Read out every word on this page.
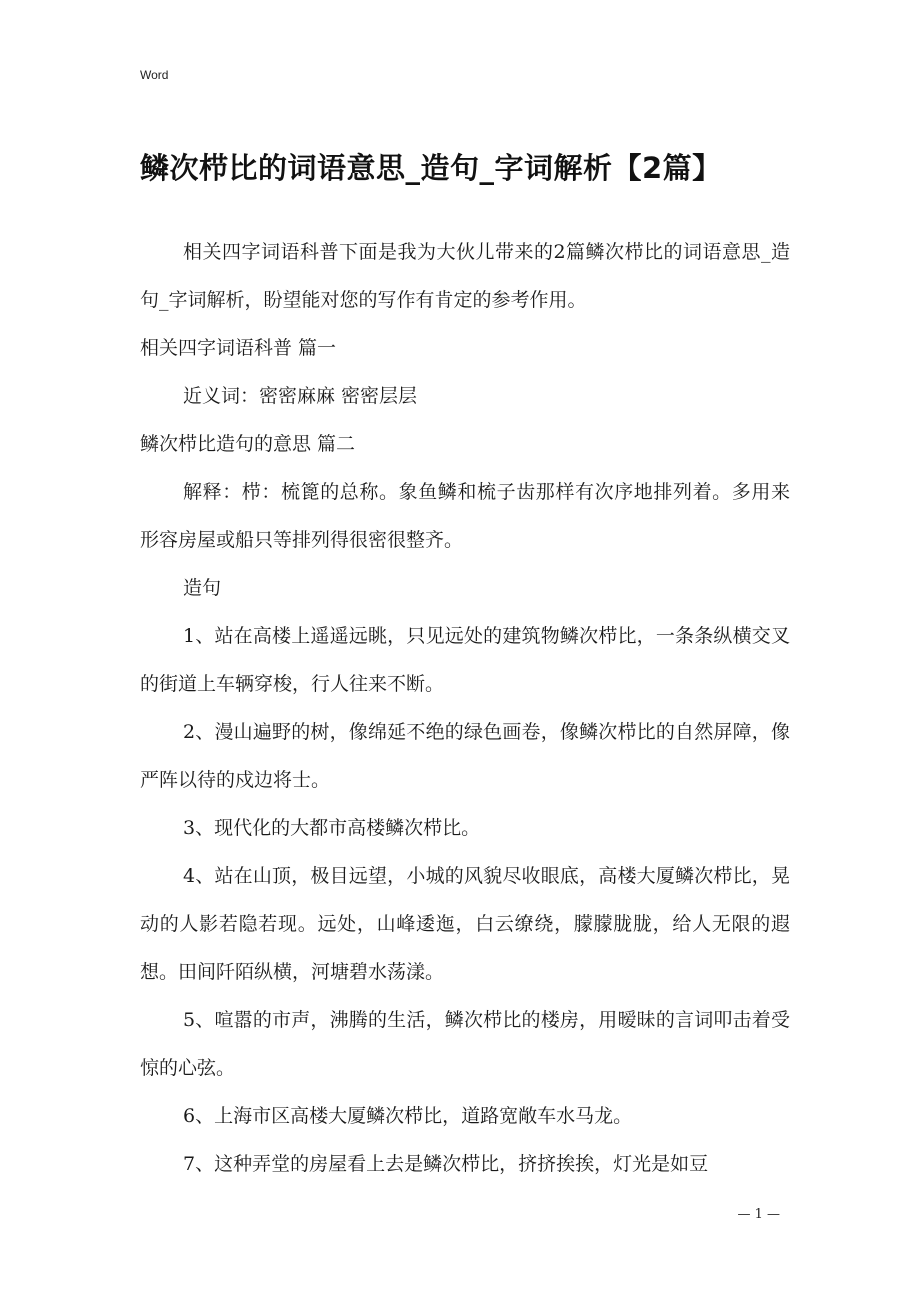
Word
鳞次栉比的词语意思_造句_字词解析【2篇】

相关四字词语科普下面是我为大伙儿带来的2篇鳞次栉比的词语意思_造句_字词解析，盼望能对您的写作有肯定的参考作用。

相关四字词语科普 篇一

近义词：密密麻麻 密密层层

鳞次栉比造句的意思 篇二

解释：栉：梳篦的总称。象鱼鳞和梳子齿那样有次序地排列着。多用来形容房屋或船只等排列得很密很整齐。

造句

1、站在高楼上遥遥远眺，只见远处的建筑物鳞次栉比，一条条纵横交叉的街道上车辆穿梭，行人往来不断。

2、漫山遍野的树，像绵延不绝的绿色画卷，像鳞次栉比的自然屏障，像严阵以待的戍边将士。

3、现代化的大都市高楼鳞次栉比。

4、站在山顶，极目远望，小城的风貌尽收眼底，高楼大厦鳞次栉比，晃动的人影若隐若现。远处，山峰逶迤，白云缭绕，朦朦胧胧，给人无限的遐想。田间阡陌纵横，河塘碧水荡漾。

5、喧嚣的市声，沸腾的生活，鳞次栉比的楼房，用暧昧的言词叩击着受惊的心弦。

6、上海市区高楼大厦鳞次栉比，道路宽敞车水马龙。

7、这种弄堂的房屋看上去是鳞次栉比，挤挤挨挨，灯光是如豆

— 1 —
